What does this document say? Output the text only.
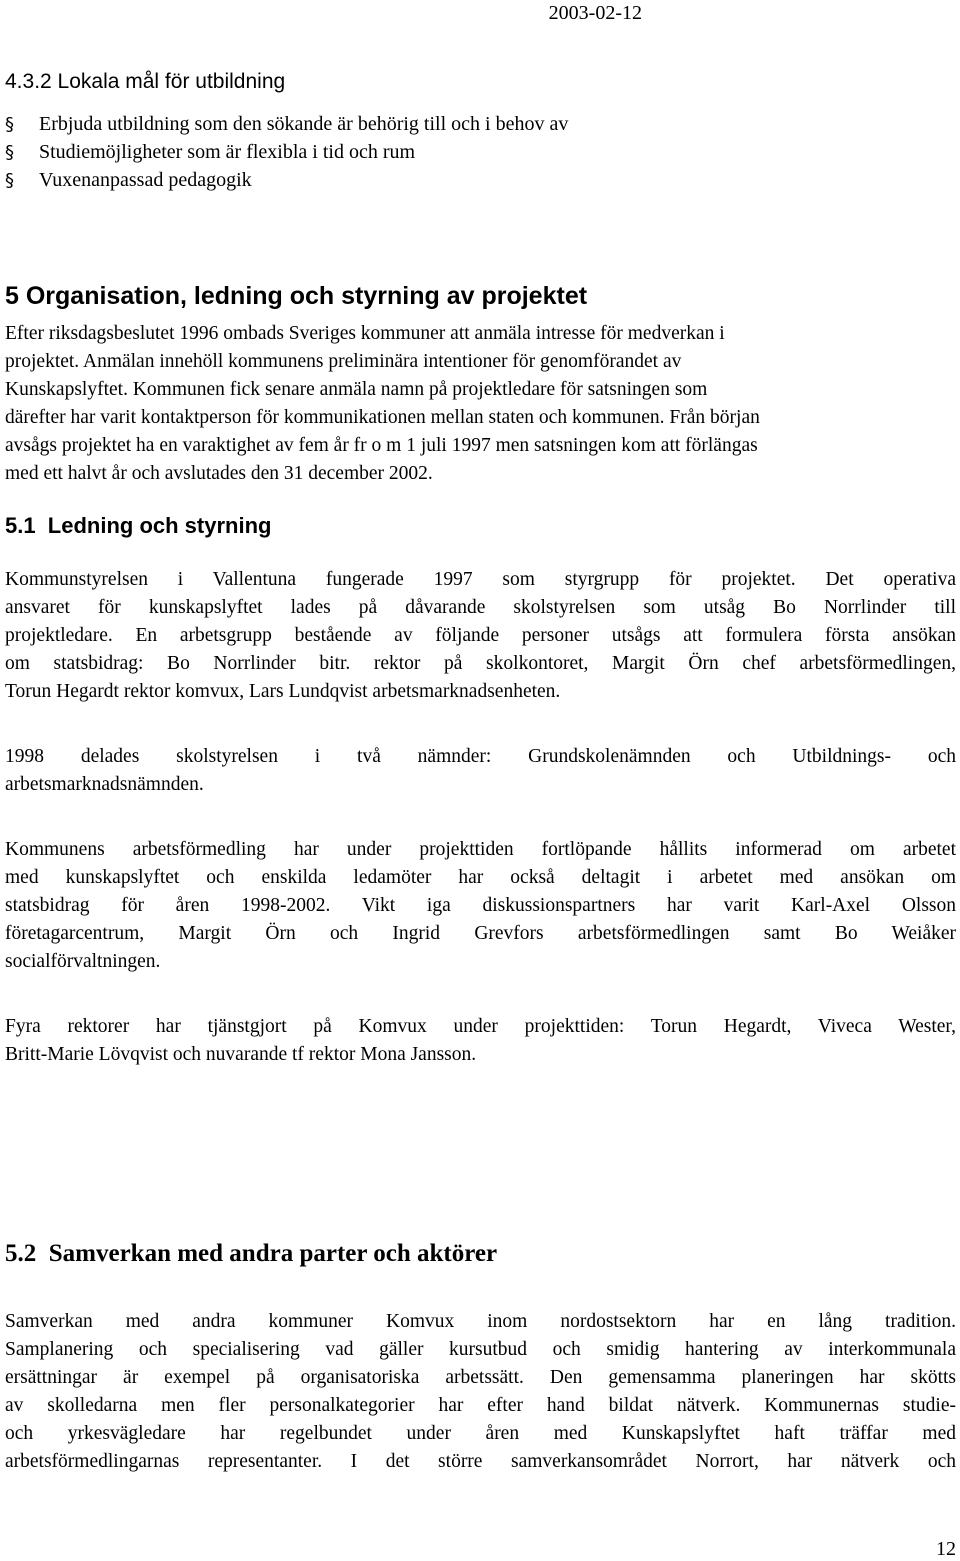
2003-02-12
4.3.2 Lokala mål för utbildning
§	Erbjuda utbildning som den sökande är behörig till och i behov av
§	Studiemöjligheter som är flexibla i tid och rum
§	Vuxenanpassad pedagogik
5 Organisation, ledning och styrning av projektet
Efter riksdagsbeslutet 1996 ombads Sveriges kommuner att anmäla intresse för medverkan i
projektet. Anmälan innehöll kommunens preliminära intentioner för genomförandet av
Kunskapslyftet. Kommunen fick senare anmäla namn på projektledare för satsningen som
därefter har varit kontaktperson för kommunikationen mellan staten och kommunen. Från början
avsågs projektet ha en varaktighet av fem år fr o m 1 juli 1997 men satsningen kom att förlängas
med ett halvt år och avslutades den 31 december 2002.
5.1  Ledning och styrning
Kommunstyrelsen i Vallentuna fungerade 1997 som styrgrupp för projektet. Det operativa
ansvaret för kunskapslyftet lades på dåvarande skolstyrelsen som utsåg Bo Norrlinder till
projektledare. En arbetsgrupp bestående av följande personer utsågs att formulera första ansökan
om statsbidrag: Bo Norrlinder bitr. rektor på skolkontoret, Margit Örn chef arbetsförmedlingen,
Torun Hegardt rektor komvux, Lars Lundqvist arbetsmarknadsenheten.
1998 delades skolstyrelsen i två nämnder: Grundskolenämnden och Utbildnings- och
arbetsmarknadsnämnden.
Kommunens arbetsförmedling har under projekttiden fortlöpande hållits informerad om arbetet
med kunskapslyftet och enskilda ledamöter har också deltagit i arbetet med ansökan om
statsbidrag för åren 1998-2002. Vikt iga diskussionspartners har varit Karl-Axel Olsson
företagarcentrum, Margit Örn och Ingrid Grevfors arbetsförmedlingen samt Bo Weiåker
socialförvaltningen.
Fyra rektorer har tjänstgjort på Komvux under projekttiden: Torun Hegardt, Viveca Wester,
Britt-Marie Lövqvist och nuvarande tf rektor Mona Jansson.
5.2  Samverkan med andra parter och aktörer
Samverkan med andra kommuner Komvux inom nordostsektorn har en lång tradition.
Samplanering och specialisering vad gäller kursutbud och smidig hantering av interkommunala
ersättningar är exempel på organisatoriska arbetssätt. Den gemensamma planeringen har skötts
av skolledarna men fler personalkategorier har efter hand bildat nätverk. Kommunernas studie-
och yrkesvägledare har regelbundet under åren med Kunskapslyftet haft träffar med
arbetsförmedlingarnas representanter. I det större samverkansområdet Norrort, har nätverk och
12
